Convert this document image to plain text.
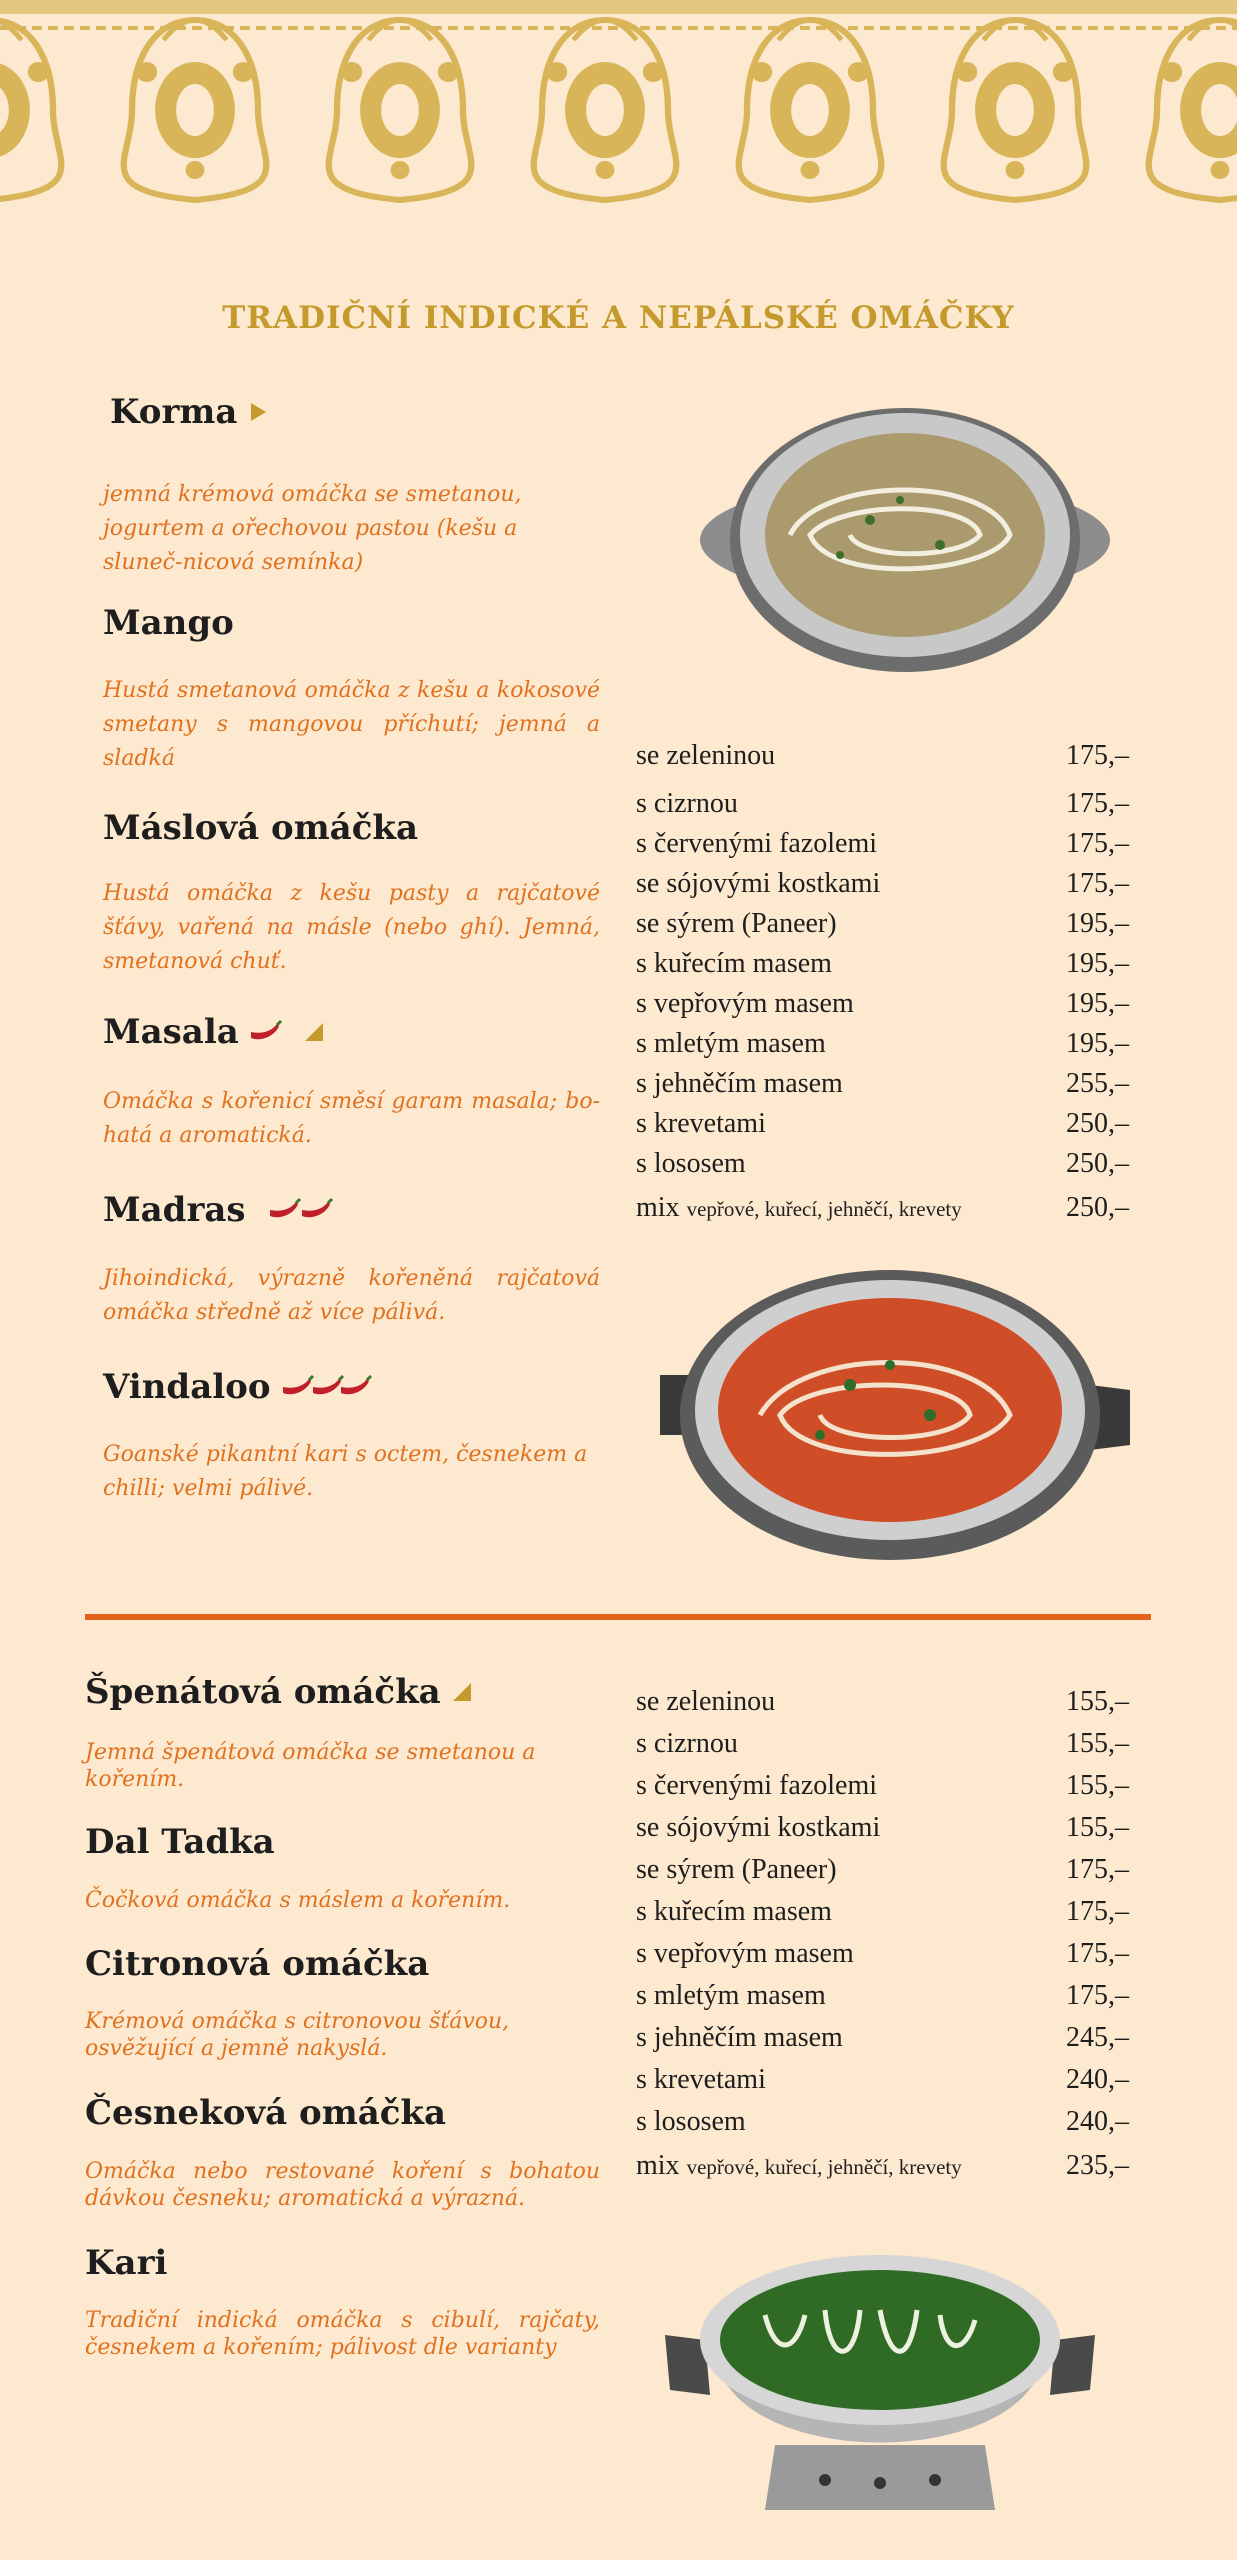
TRADIČNÍ INDICKÉ A NEPÁLSKÉ OMÁČKY
Korma
jemná krémová omáčka se smetanou, jogurtem a ořechovou pastou (kešu a sluneč-nicová semínka)
Mango
Hustá smetanová omáčka z kešu a kokosové smetany s mangovou příchutí; jemná a sladká
Máslová omáčka
Hustá omáčka z kešu pasty a rajčatové šťávy, vařená na másle (nebo ghí). Jemná, smetanová chuť.
Masala
Omáčka s kořenicí směsí garam masala; bo-hatá a aromatická.
Madras
Jihoindická, výrazně kořeněná rajčatová omáčka středně až více pálivá.
Vindaloo
Goanské pikantní kari s octem, česnekem a chilli; velmi pálivé.
se zeleninou	175,–
s cizrnou	175,–
s červenými fazolemi	175,–
se sójovými kostkami	175,–
se sýrem (Paneer)	195,–
s kuřecím masem	195,–
s vepřovým masem	195,–
s mletým masem	195,–
s jehněčím masem	255,–
s krevetami	250,–
s lososem	250,–
mix vepřové, kuřecí, jehněčí, krevety	250,–
Špenátová omáčka
Jemná špenátová omáčka se smetanou a kořením.
Dal Tadka
Čočková omáčka s máslem a kořením.
Citronová omáčka
Krémová omáčka s citronovou šťávou, osvěžující a jemně nakyslá.
Česneková omáčka
Omáčka nebo restované koření s bohatou dávkou česneku; aromatická a výrazná.
Kari
Tradiční indická omáčka s cibulí, rajčaty, česnekem a kořením; pálivost dle varianty
se zeleninou	155,–
s cizrnou	155,–
s červenými fazolemi	155,–
se sójovými kostkami	155,–
se sýrem (Paneer)	175,–
s kuřecím masem	175,–
s vepřovým masem	175,–
s mletým masem	175,–
s jehněčím masem	245,–
s krevetami	240,–
s lososem	240,–
mix vepřové, kuřecí, jehněčí, krevety	235,–
